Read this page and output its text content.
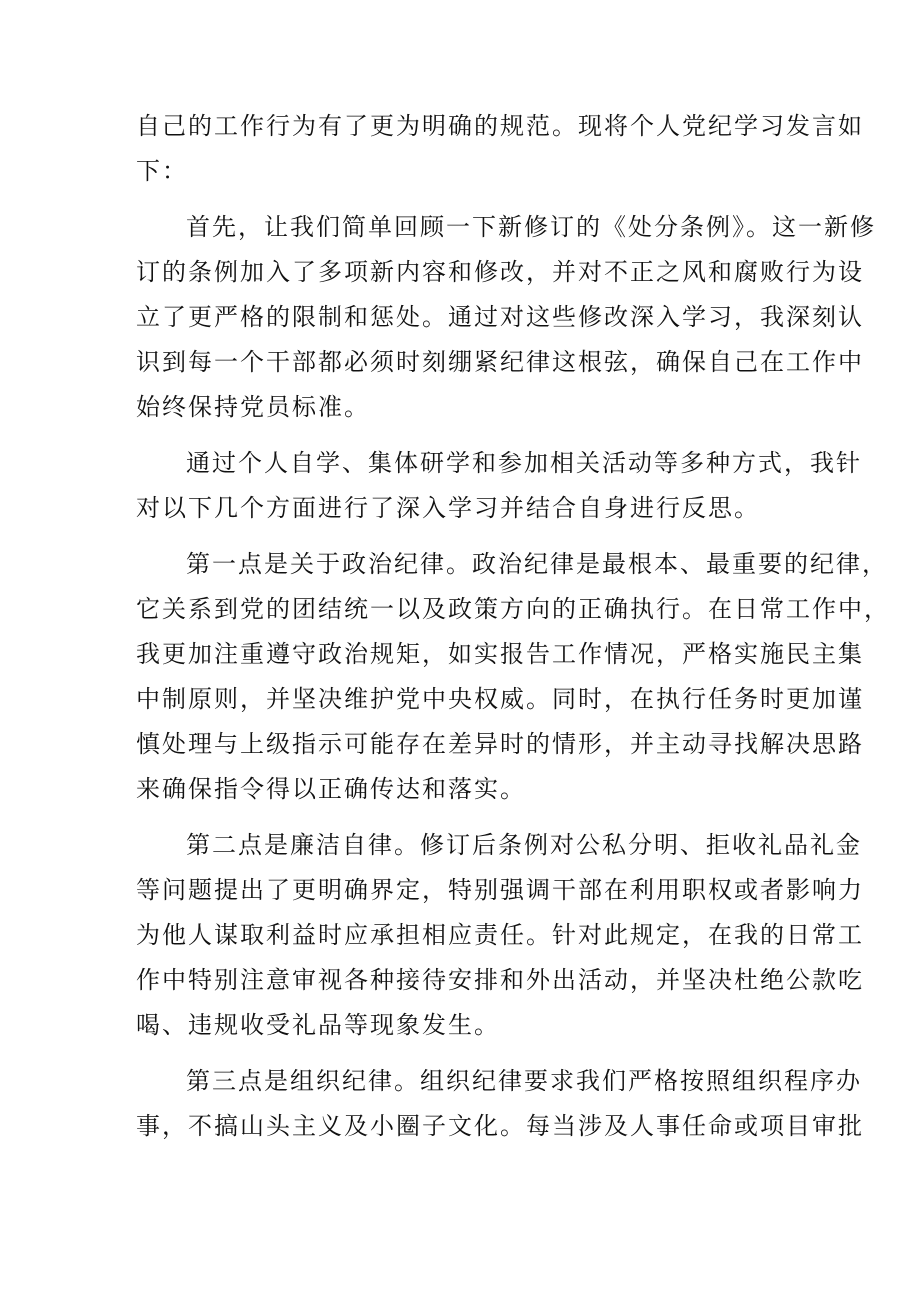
自己的工作行为有了更为明确的规范。现将个人党纪学习发言如
下：
首先，让我们简单回顾一下新修订的《处分条例》。这一新修
订的条例加入了多项新内容和修改，并对不正之风和腐败行为设
立了更严格的限制和惩处。通过对这些修改深入学习，我深刻认
识到每一个干部都必须时刻绷紧纪律这根弦，确保自己在工作中
始终保持党员标准。
通过个人自学、集体研学和参加相关活动等多种方式，我针
对以下几个方面进行了深入学习并结合自身进行反思。
第一点是关于政治纪律。政治纪律是最根本、最重要的纪律，
它关系到党的团结统一以及政策方向的正确执行。在日常工作中，
我更加注重遵守政治规矩，如实报告工作情况，严格实施民主集
中制原则，并坚决维护党中央权威。同时，在执行任务时更加谨
慎处理与上级指示可能存在差异时的情形，并主动寻找解决思路
来确保指令得以正确传达和落实。
第二点是廉洁自律。修订后条例对公私分明、拒收礼品礼金
等问题提出了更明确界定，特别强调干部在利用职权或者影响力
为他人谋取利益时应承担相应责任。针对此规定，在我的日常工
作中特别注意审视各种接待安排和外出活动，并坚决杜绝公款吃
喝、违规收受礼品等现象发生。
第三点是组织纪律。组织纪律要求我们严格按照组织程序办
事，不搞山头主义及小圈子文化。每当涉及人事任命或项目审批
